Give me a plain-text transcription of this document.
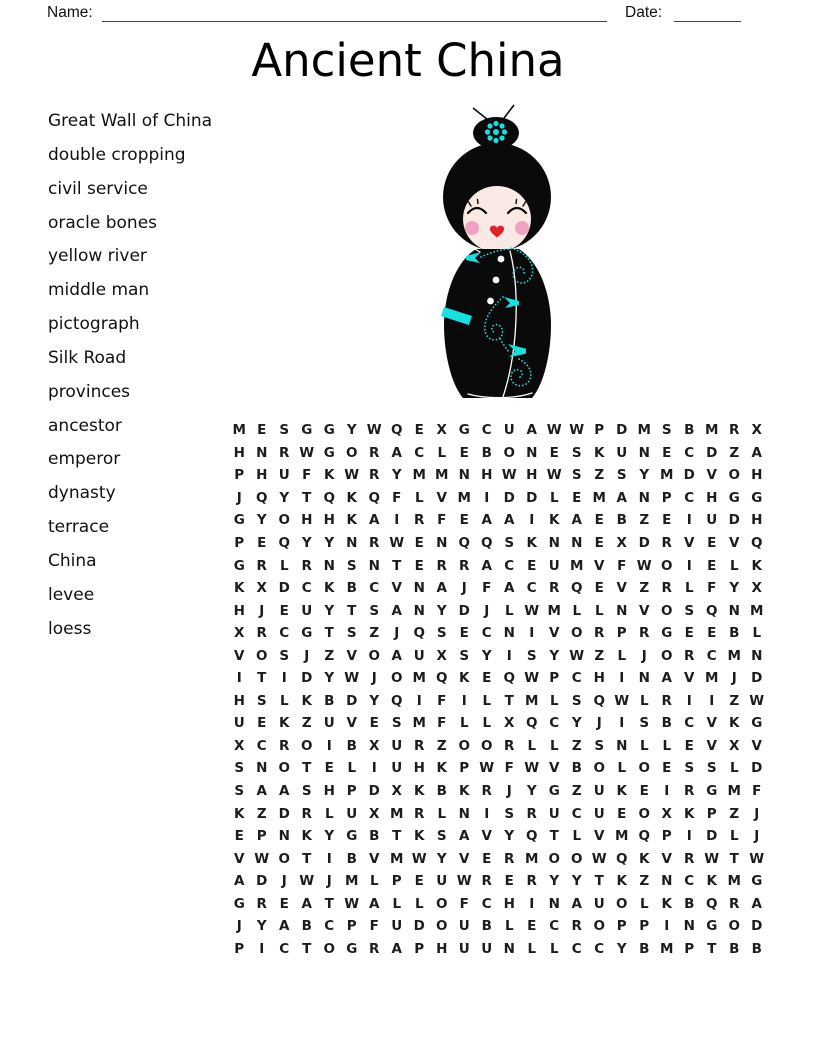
Name:	Date:
Ancient China
Great Wall of China
double cropping
civil service
oracle bones
yellow river
middle man
pictograph
Silk Road
provinces
ancestor
emperor
dynasty
terrace
China
levee
loess
M E S G G Y W Q E X G C U A W W P D M S B M R X
H N R W G O R A C L	E B O N E S K U N E C D Z A
P H U F K W R Y M M N H W H W S Z S Y M D V O H
J	Q Y T Q K Q F	L V M I	D D L	E M A N P C H G G
G Y O H H K A	I	R F E A A	I	K A E B Z E	I	U D H
P E Q Y Y N R W E N Q Q S K N N E X D R V E V Q
G R L R N S N T E R R A C E U M V F W O	I	E	L K
K X D C K B C V N A	J	F A C R Q E V Z R L	F Y X
H	J	E U Y T S A N Y D	J	L W M L	L N V O S Q N M
X R C G T S Z	J	Q S E C N	I	V O R P R G E E B L
V O S	J	Z V O A U X S Y	I	S Y W Z L	J	O R C M N
I	T	I	D Y W J	O M Q K E Q W P C H	I	N A V M J	D
H S L K B D Y Q	I	F	I	L	T M L S Q W L R	I	I	Z W
U E K Z U V E S M F	L	L X Q C Y	J	I	S B C V K G
X C R O	I	B X U R Z O O R L	L Z S N L	L	E V X V
S N O T E	L	I	U H K P W F W V B O L O E S S L D
S A A S H P D X K B K R	J	Y G Z U K E	I	R G M F
K Z D R L U X M R L N	I	S R U C U E O X K P Z	J
E P N K Y G B T K S A V Y Q T	L V M Q P	I	D L	J
V W O T	I	B V M W Y V E R M O O W Q K V R W T W
A D	J W J M L P E U W R E R Y Y T K Z N C K M G
G R E A T W A L	L O F C H	I	N A U O L K B Q R A
J	Y A B C P F U D O U B L	E C R O P P	I	N G O D
P	I	C T O G R A P H U U N L	L C C Y B M P T B B
